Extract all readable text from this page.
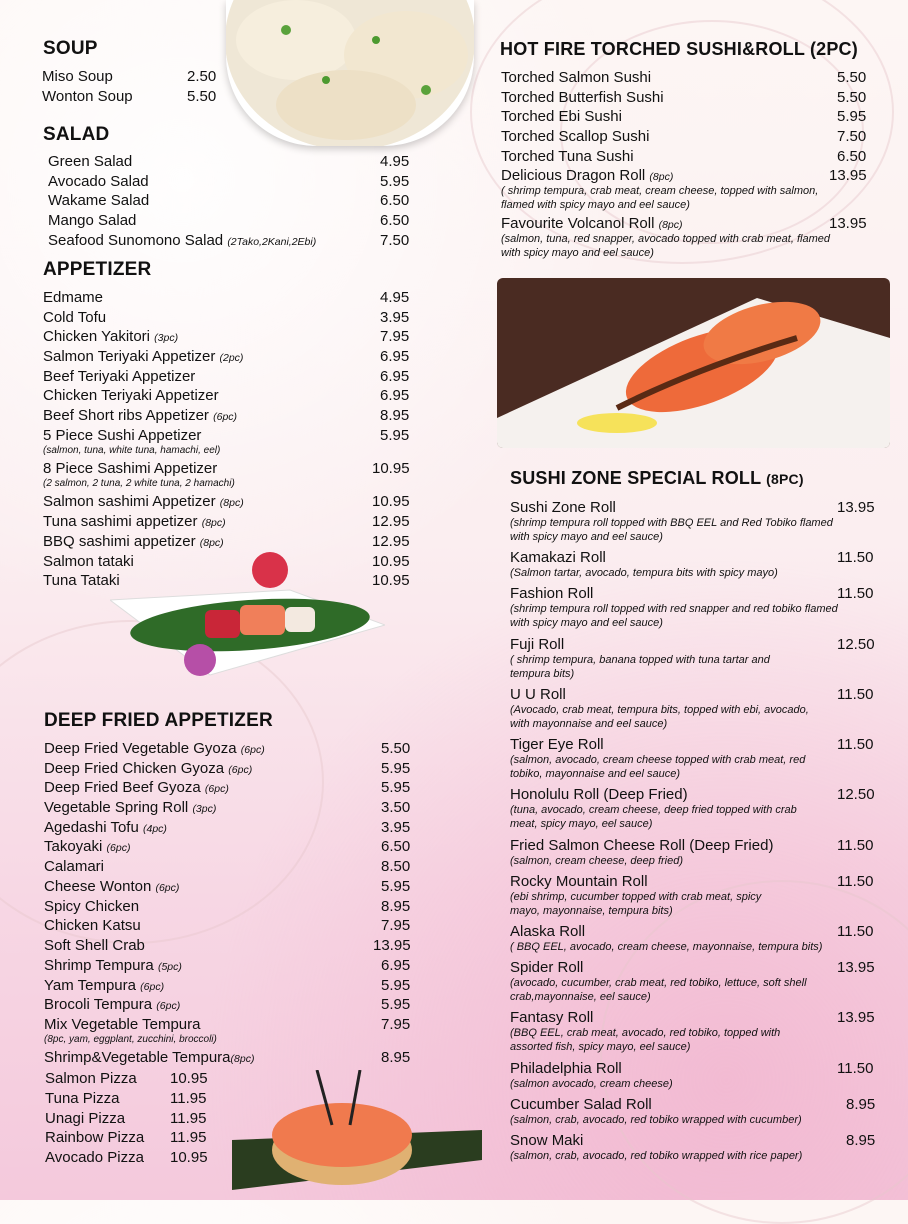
SOUP
Miso Soup	2.50
Wonton Soup	5.50
SALAD
Green Salad	4.95
Avocado Salad	5.95
Wakame Salad	6.50
Mango Salad	6.50
Seafood Sunomono Salad (2Tako,2Kani,2Ebi)	7.50
APPETIZER
Edmame	4.95
Cold Tofu	3.95
Chicken Yakitori (3pc)	7.95
Salmon Teriyaki Appetizer (2pc)	6.95
Beef Teriyaki Appetizer	6.95
Chicken Teriyaki Appetizer	6.95
Beef Short ribs Appetizer (6pc)	8.95
5 Piece Sushi Appetizer	5.95
(salmon, tuna, white tuna, hamachi, eel)
8 Piece Sashimi Appetizer	10.95
(2 salmon, 2 tuna, 2 white tuna, 2 hamachi)
Salmon sashimi Appetizer (8pc)	10.95
Tuna sashimi appetizer (8pc)	12.95
BBQ sashimi appetizer (8pc)	12.95
Salmon tataki	10.95
Tuna Tataki	10.95
DEEP FRIED APPETIZER
Deep Fried Vegetable Gyoza (6pc)	5.50
Deep Fried Chicken Gyoza (6pc)	5.95
Deep Fried Beef Gyoza (6pc)	5.95
Vegetable Spring Roll (3pc)	3.50
Agedashi Tofu (4pc)	3.95
Takoyaki (6pc)	6.50
Calamari	8.50
Cheese Wonton (6pc)	5.95
Spicy Chicken	8.95
Chicken Katsu	7.95
Soft Shell Crab	13.95
Shrimp Tempura (5pc)	6.95
Yam Tempura (6pc)	5.95
Brocoli Tempura (6pc)	5.95
Mix Vegetable Tempura	7.95
(8pc, yam, eggplant, zucchini, broccoli)
Shrimp&Vegetable Tempura(8pc)	8.95
Salmon Pizza 10.95
Tuna Pizza	11.95
Unagi Pizza	11.95
Rainbow Pizza 11.95
Avocado Pizza 10.95
HOT FIRE TORCHED SUSHI&ROLL (2PC)
Torched Salmon Sushi	5.50
Torched Butterfish Sushi	5.50
Torched Ebi Sushi	5.95
Torched Scallop Sushi	7.50
Torched Tuna Sushi	6.50
Delicious Dragon Roll (8pc)	13.95
( shrimp tempura, crab meat, cream cheese, topped with salmon, flamed with spicy mayo and eel sauce)
Favourite Volcanol Roll (8pc)	13.95
(salmon, tuna, red snapper, avocado topped with crab meat, flamed with spicy mayo and eel sauce)
SUSHI ZONE SPECIAL ROLL (8PC)
Sushi Zone Roll	13.95
(shrimp tempura roll topped with BBQ EEL and Red Tobiko flamed with spicy mayo and eel sauce)
Kamakazi Roll	11.50
(Salmon tartar, avocado, tempura bits with spicy mayo)
Fashion Roll	11.50
(shrimp tempura roll topped with red snapper and red tobiko flamed with spicy mayo and eel sauce)
Fuji Roll	12.50
( shrimp tempura, banana topped with tuna tartar and tempura bits)
U U Roll	11.50
(Avocado, crab meat, tempura bits, topped with ebi, avocado, with mayonnaise and eel sauce)
Tiger Eye Roll	11.50
(salmon, avocado, cream cheese topped with crab meat, red tobiko, mayonnaise and eel sauce)
Honolulu Roll (Deep Fried)	12.50
(tuna, avocado, cream cheese, deep fried topped with crab meat, spicy mayo, eel sauce)
Fried Salmon Cheese Roll (Deep Fried)	11.50
(salmon, cream cheese, deep fried)
Rocky Mountain Roll	11.50
(ebi shrimp, cucumber topped with crab meat, spicy mayo, mayonnaise, tempura bits)
Alaska Roll	11.50
( BBQ EEL, avocado, cream cheese, mayonnaise, tempura bits)
Spider Roll	13.95
(avocado, cucumber, crab meat, red tobiko, lettuce, soft shell crab,mayonnaise, eel sauce)
Fantasy Roll	13.95
(BBQ EEL, crab meat, avocado, red tobiko, topped with assorted fish, spicy mayo, eel sauce)
Philadelphia Roll	11.50
(salmon avocado, cream cheese)
Cucumber Salad Roll	8.95
(salmon, crab, avocado, red tobiko wrapped with cucumber)
Snow Maki	8.95
(salmon, crab, avocado, red tobiko wrapped with rice paper)
